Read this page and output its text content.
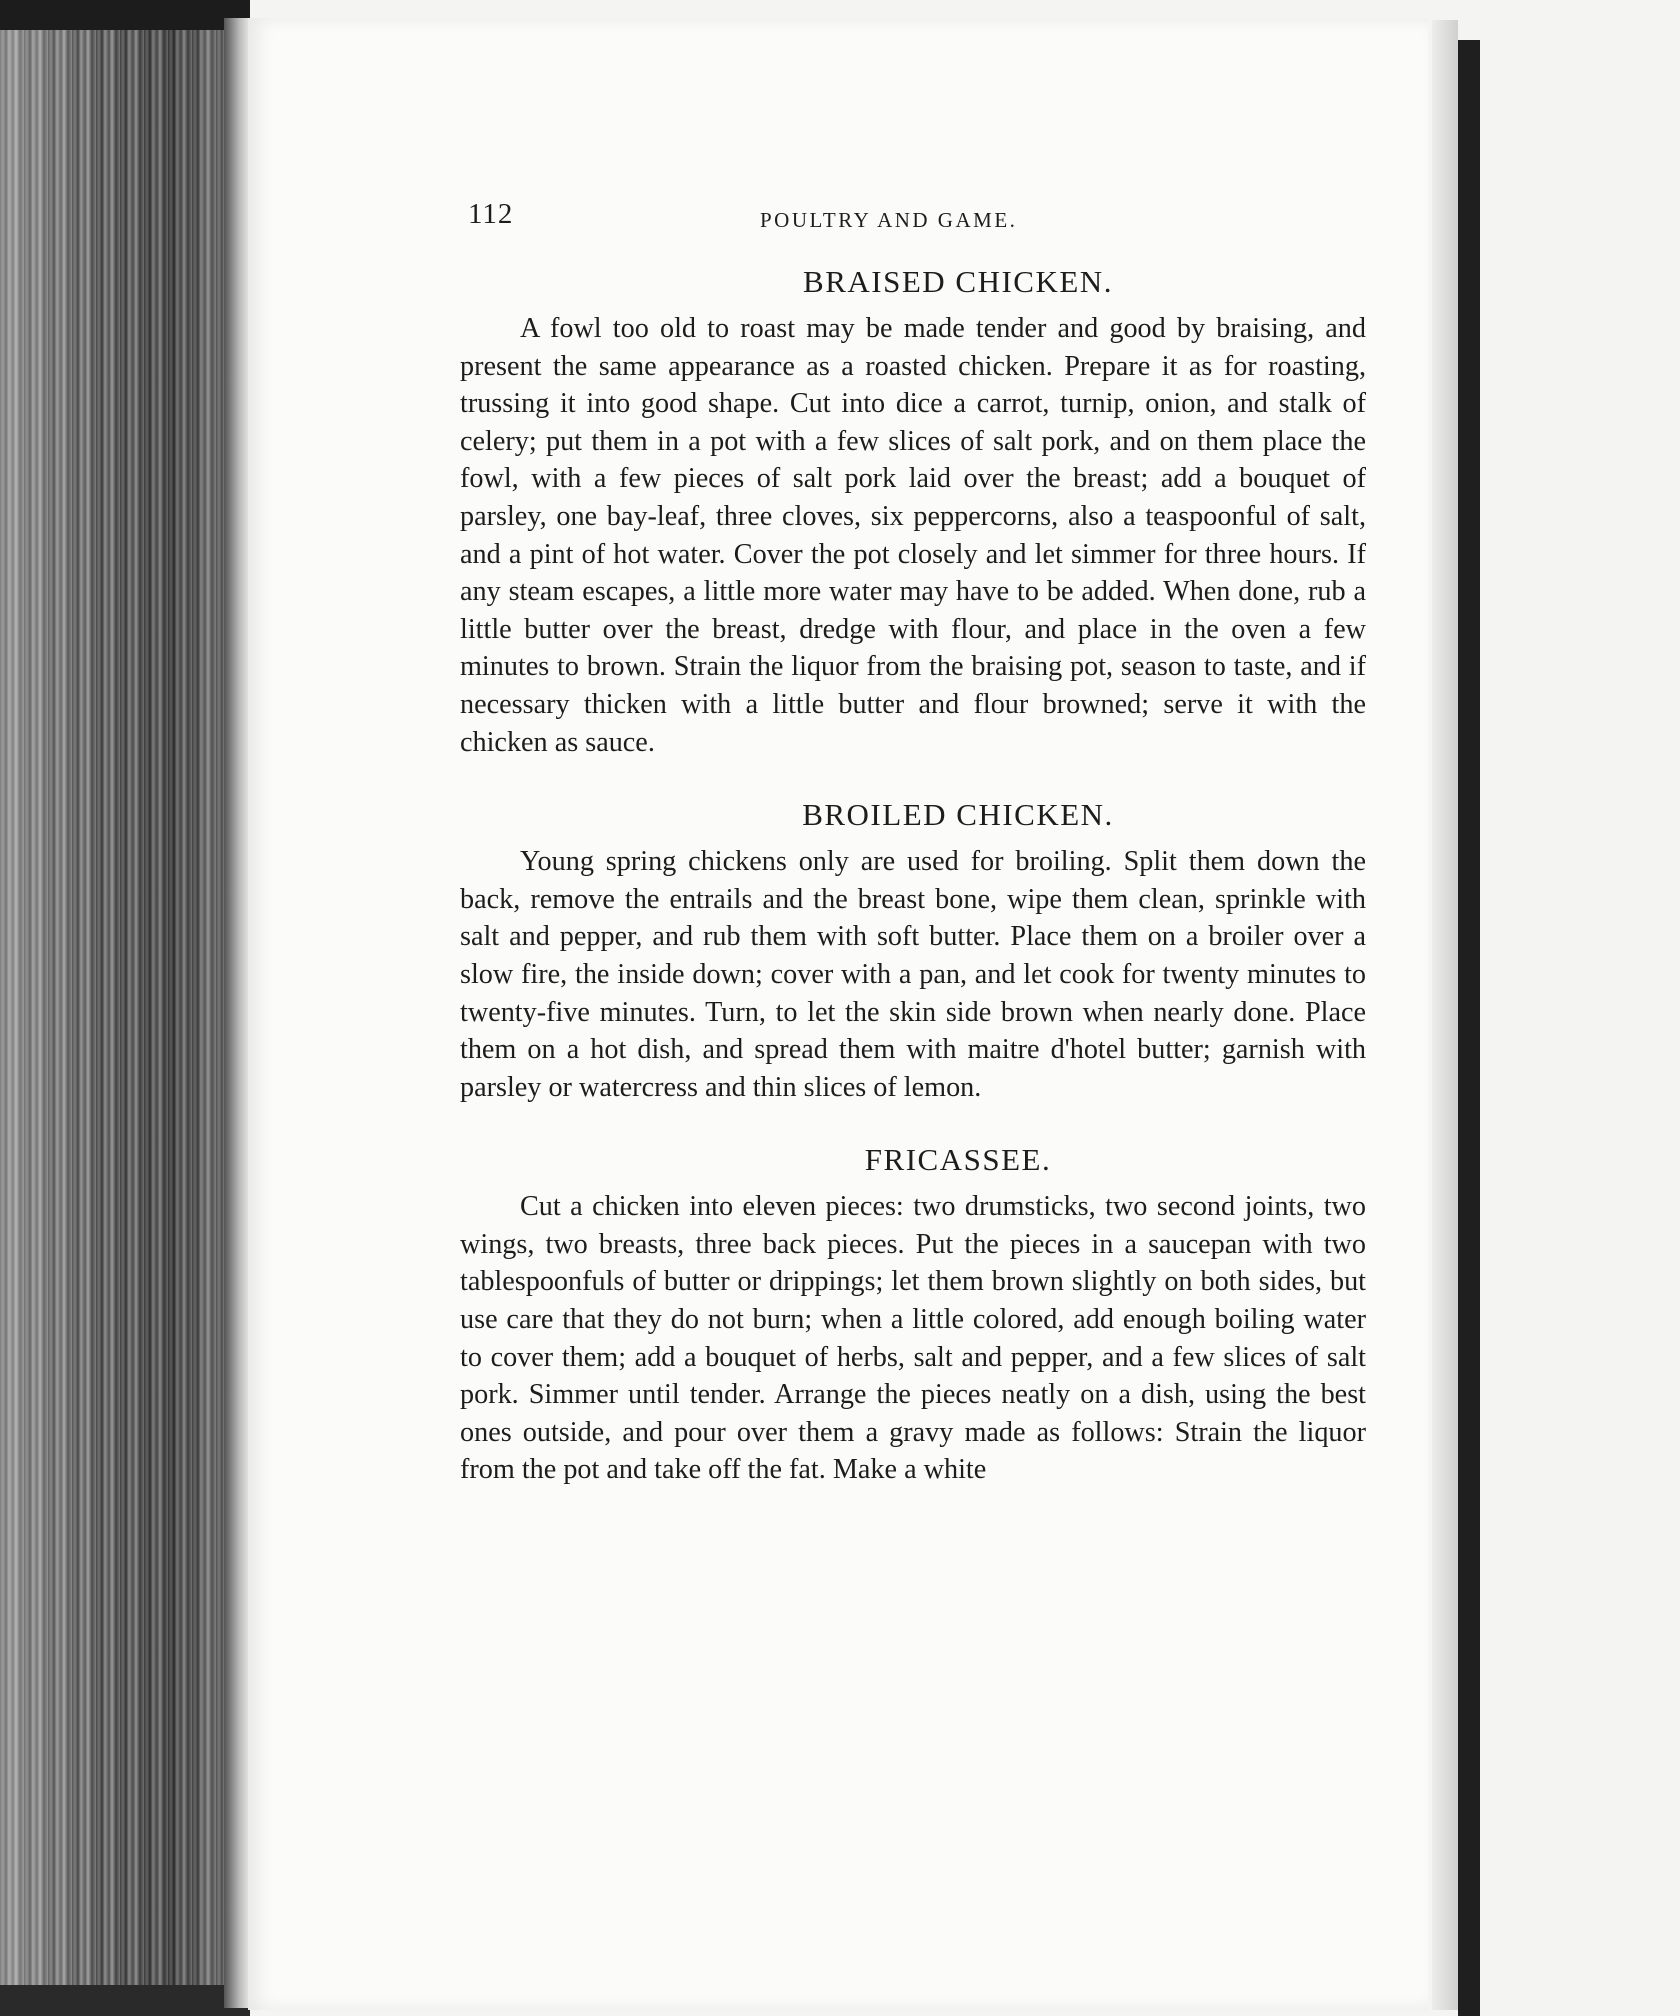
112	POULTRY AND GAME.
BRAISED CHICKEN.

A fowl too old to roast may be made tender and good by braising, and present the same appearance as a roasted chicken. Prepare it as for roasting, trussing it into good shape. Cut into dice a carrot, turnip, onion, and stalk of celery; put them in a pot with a few slices of salt pork, and on them place the fowl, with a few pieces of salt pork laid over the breast; add a bouquet of parsley, one bay-leaf, three cloves, six peppercorns, also a teaspoonful of salt, and a pint of hot water. Cover the pot closely and let simmer for three hours. If any steam escapes, a little more water may have to be added. When done, rub a little butter over the breast, dredge with flour, and place in the oven a few minutes to brown. Strain the liquor from the braising pot, season to taste, and if necessary thicken with a little butter and flour browned; serve it with the chicken as sauce.

BROILED CHICKEN.

Young spring chickens only are used for broiling. Split them down the back, remove the entrails and the breast bone, wipe them clean, sprinkle with salt and pepper, and rub them with soft butter. Place them on a broiler over a slow fire, the inside down; cover with a pan, and let cook for twenty minutes to twenty-five minutes. Turn, to let the skin side brown when nearly done. Place them on a hot dish, and spread them with maitre d'hotel butter; garnish with parsley or watercress and thin slices of lemon.

FRICASSEE.

Cut a chicken into eleven pieces: two drumsticks, two second joints, two wings, two breasts, three back pieces. Put the pieces in a saucepan with two tablespoonfuls of butter or drippings; let them brown slightly on both sides, but use care that they do not burn; when a little colored, add enough boiling water to cover them; add a bouquet of herbs, salt and pepper, and a few slices of salt pork. Simmer until tender. Arrange the pieces neatly on a dish, using the best ones outside, and pour over them a gravy made as follows: Strain the liquor from the pot and take off the fat. Make a white
